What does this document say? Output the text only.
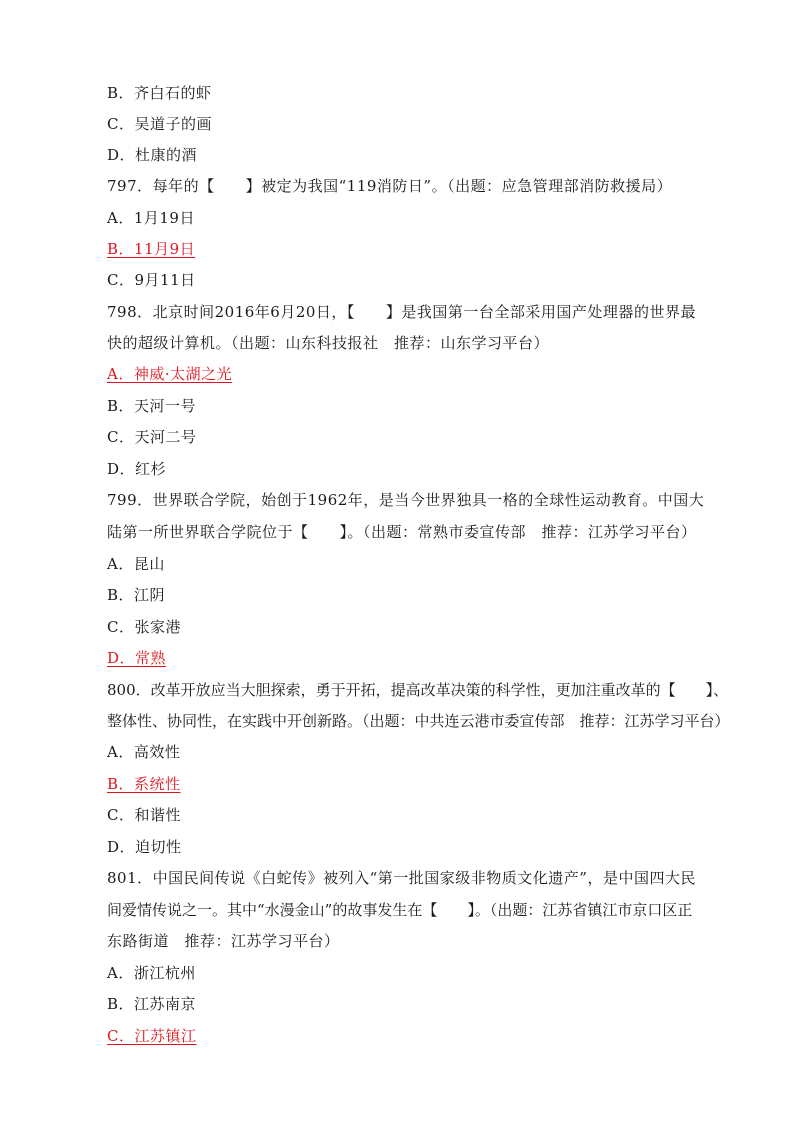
B．齐白石的虾
C．吴道子的画
D．杜康的酒
797．每年的【　　】被定为我国“119消防日”。（出题：应急管理部消防救援局）
A．1月19日
B．11月9日
C．9月11日
798．北京时间2016年6月20日，【　　】是我国第一台全部采用国产处理器的世界最
快的超级计算机。（出题：山东科技报社　推荐：山东学习平台）
A．神威·太湖之光
B．天河一号
C．天河二号
D．红杉
799．世界联合学院，始创于1962年，是当今世界独具一格的全球性运动教育。中国大
陆第一所世界联合学院位于【　　】。（出题：常熟市委宣传部　推荐：江苏学习平台）
A．昆山
B．江阴
C．张家港
D．常熟
800．改革开放应当大胆探索，勇于开拓，提高改革决策的科学性，更加注重改革的【　　】、
整体性、协同性，在实践中开创新路。（出题：中共连云港市委宣传部　推荐：江苏学习平台）
A．高效性
B．系统性
C．和谐性
D．迫切性
801．中国民间传说《白蛇传》被列入“第一批国家级非物质文化遗产”，是中国四大民
间爱情传说之一。其中“水漫金山”的故事发生在【　　】。（出题：江苏省镇江市京口区正
东路街道　推荐：江苏学习平台）
A．浙江杭州
B．江苏南京
C．江苏镇江
